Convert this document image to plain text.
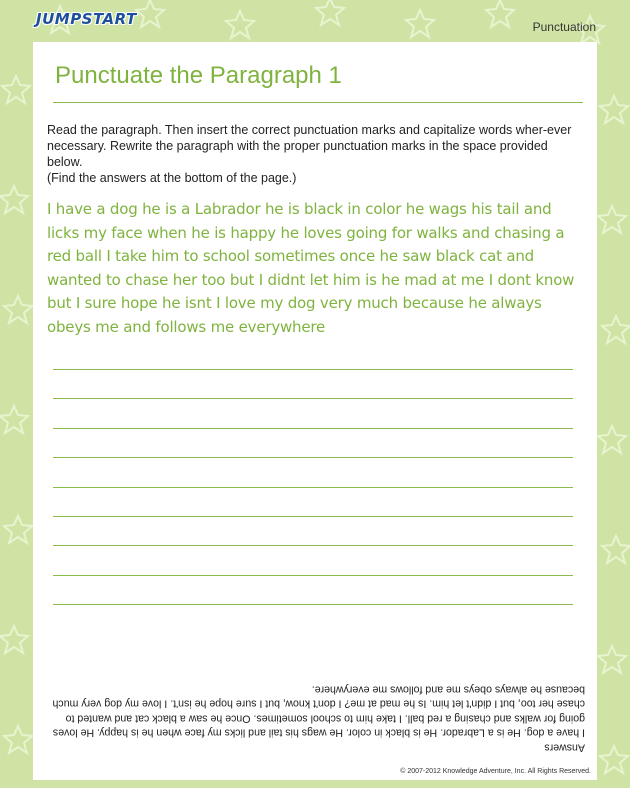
JUMPSTART	Punctuation
Punctuate the Paragraph 1

Read the paragraph. Then insert the correct punctuation marks and capitalize words wher-ever necessary. Rewrite the paragraph with the proper punctuation marks in the space provided below.

(Find the answers at the bottom of the page.)

I have a dog he is a Labrador he is black in color he wags his tail and licks my face when he is happy he loves going for walks and chasing a red ball I take him to school sometimes once he saw black cat and wanted to chase her too but I didnt let him is he mad at me I dont know but I sure hope he isnt I love my dog very much because he always obeys me and follows me everywhere

Answers

I have a dog. He is a Labrador. He is black in color. He wags his tail and licks my face when he is happy. He loves going for walks and chasing a red ball. I take him to school sometimes. Once he saw a black cat and wanted to chase her too, but I didn't let him. Is he mad at me? I don't know, but I sure hope he isn't. I love my dog very much because he always obeys me and follows me everywhere.

© 2007-2012 Knowledge Adventure, Inc. All Rights Reserved.
